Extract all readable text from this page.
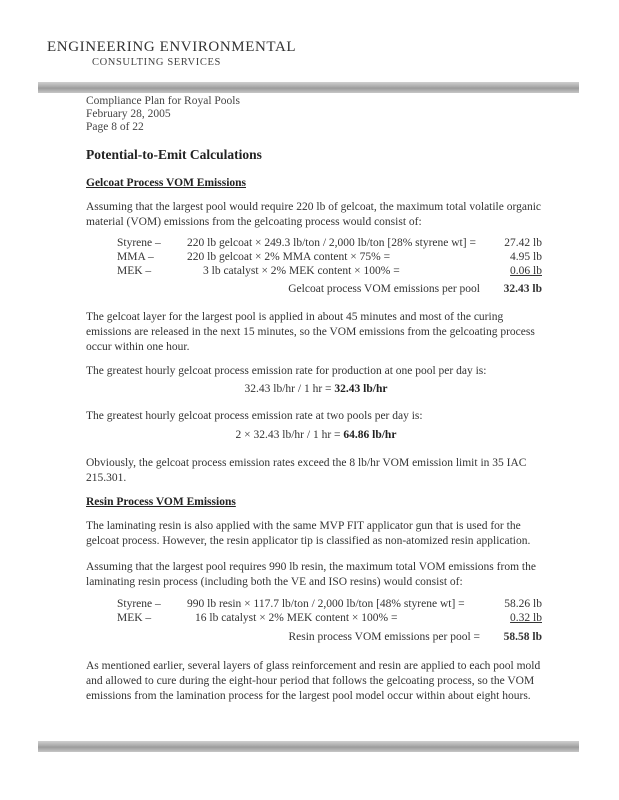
ENGINEERING ENVIRONMENTAL
CONSULTING SERVICES
Compliance Plan for Royal Pools
February 28, 2005
Page 8 of 22
Potential-to-Emit Calculations
Gelcoat Process VOM Emissions
Assuming that the largest pool would require 220 lb of gelcoat, the maximum total volatile organic material (VOM) emissions from the gelcoating process would consist of:
Styrene – 220 lb gelcoat × 249.3 lb/ton / 2,000 lb/ton [28% styrene wt] = 27.42 lb
MMA –	220 lb gelcoat × 2% MMA content × 75% =	4.95 lb
MEK –	3 lb catalyst × 2% MEK content × 100% =	0.06 lb
Gelcoat process VOM emissions per pool 32.43 lb
The gelcoat layer for the largest pool is applied in about 45 minutes and most of the curing emissions are released in the next 15 minutes, so the VOM emissions from the gelcoating process occur within one hour.
The greatest hourly gelcoat process emission rate for production at one pool per day is:
32.43 lb/hr / 1 hr = 32.43 lb/hr
The greatest hourly gelcoat process emission rate at two pools per day is:
2 × 32.43 lb/hr / 1 hr = 64.86 lb/hr
Obviously, the gelcoat process emission rates exceed the 8 lb/hr VOM emission limit in 35 IAC 215.301.
Resin Process VOM Emissions
The laminating resin is also applied with the same MVP FIT applicator gun that is used for the gelcoat process. However, the resin applicator tip is classified as non-atomized resin application.
Assuming that the largest pool requires 990 lb resin, the maximum total VOM emissions from the laminating resin process (including both the VE and ISO resins) would consist of:
Styrene – 990 lb resin × 117.7 lb/ton / 2,000 lb/ton [48% styrene wt] =	58.26 lb
MEK –	16 lb catalyst × 2% MEK content × 100% =	0.32 lb
Resin process VOM emissions per pool = 58.58 lb
As mentioned earlier, several layers of glass reinforcement and resin are applied to each pool mold and allowed to cure during the eight-hour period that follows the gelcoating process, so the VOM emissions from the lamination process for the largest pool model occur within about eight hours.
